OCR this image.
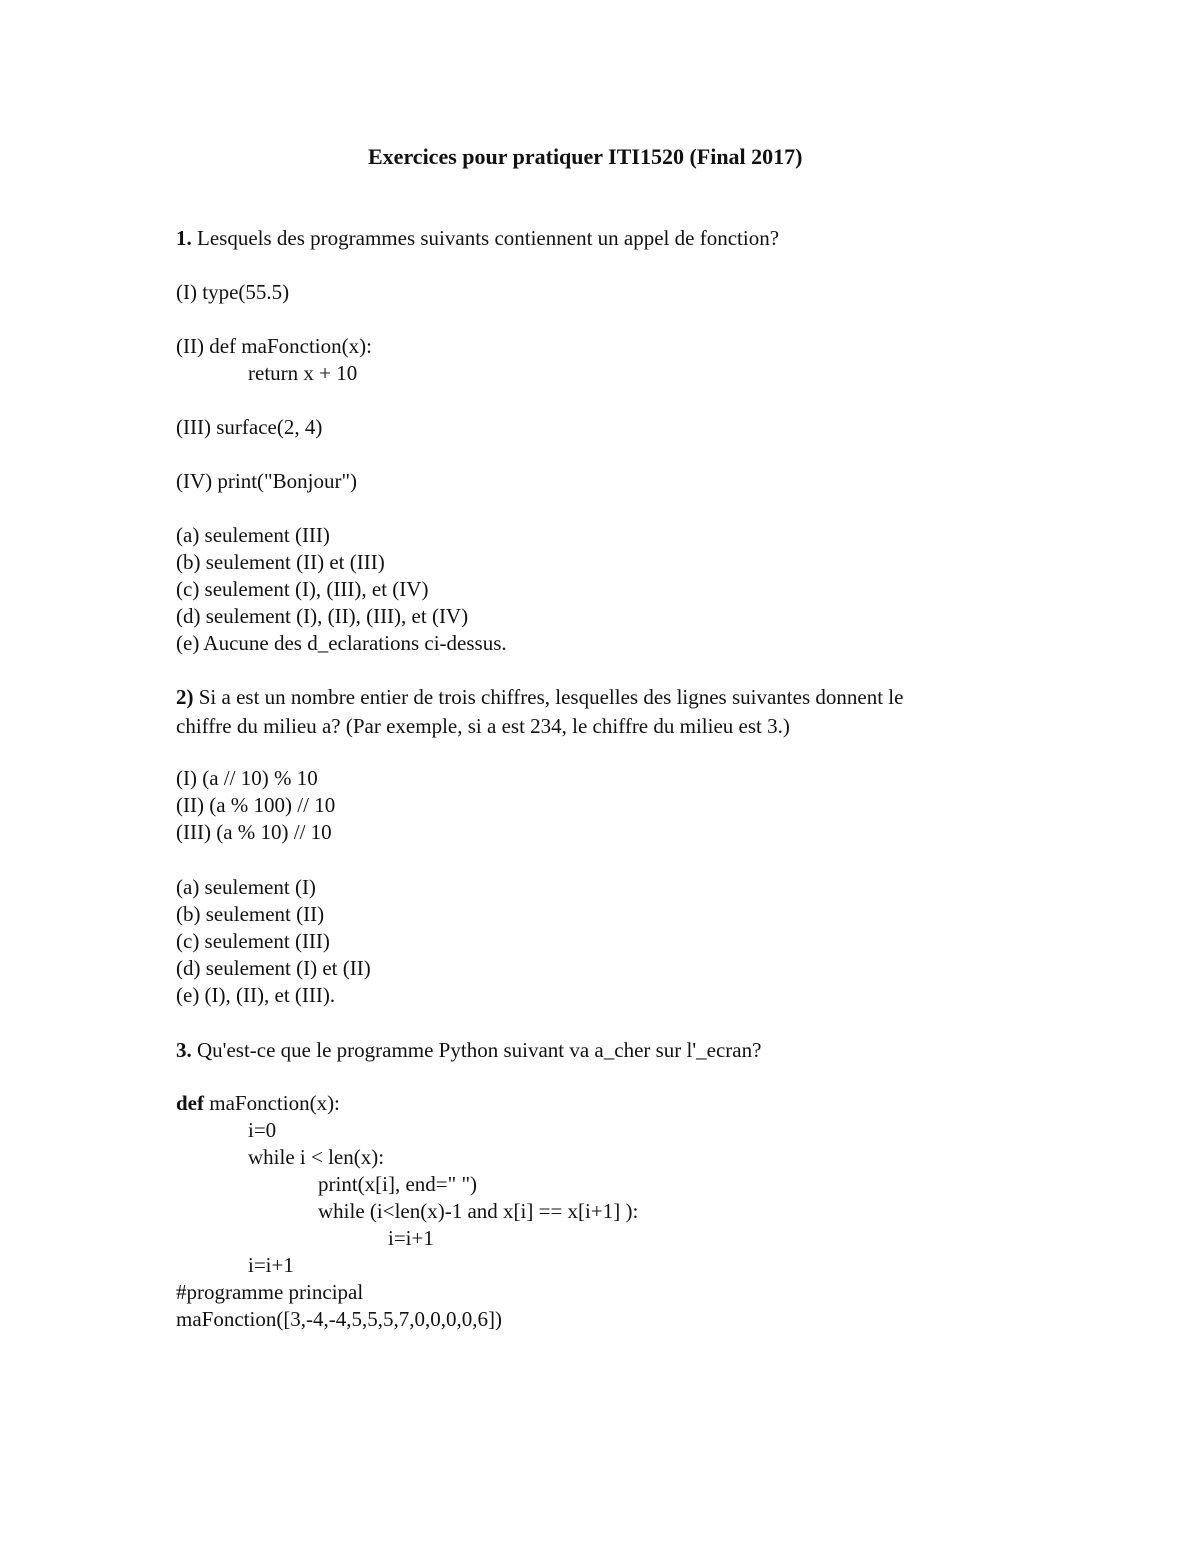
Exercices pour pratiquer ITI1520 (Final 2017)
1. Lesquels des programmes suivants contiennent un appel de fonction?
(I) type(55.5)
(II) def maFonction(x):
return x + 10
(III) surface(2, 4)
(IV) print("Bonjour")
(a) seulement (III)
(b) seulement (II) et (III)
(c) seulement (I), (III), et (IV)
(d) seulement (I), (II), (III), et (IV)
(e) Aucune des d_eclarations ci-dessus.
2) Si a est un nombre entier de trois chiffres, lesquelles des lignes suivantes donnent le
chiffre du milieu a? (Par exemple, si a est 234, le chiffre du milieu est 3.)
(I) (a // 10) % 10
(II) (a % 100) // 10
(III) (a % 10) // 10
(a) seulement (I)
(b) seulement (II)
(c) seulement (III)
(d) seulement (I) et (II)
(e) (I), (II), et (III).
3. Qu'est-ce que le programme Python suivant va a_cher sur l'_ecran?
def maFonction(x):
i=0
while i < len(x):
print(x[i], end=" ")
while (i<len(x)-1 and x[i] == x[i+1] ):
i=i+1
i=i+1
#programme principal
maFonction([3,-4,-4,5,5,5,7,0,0,0,0,6])
